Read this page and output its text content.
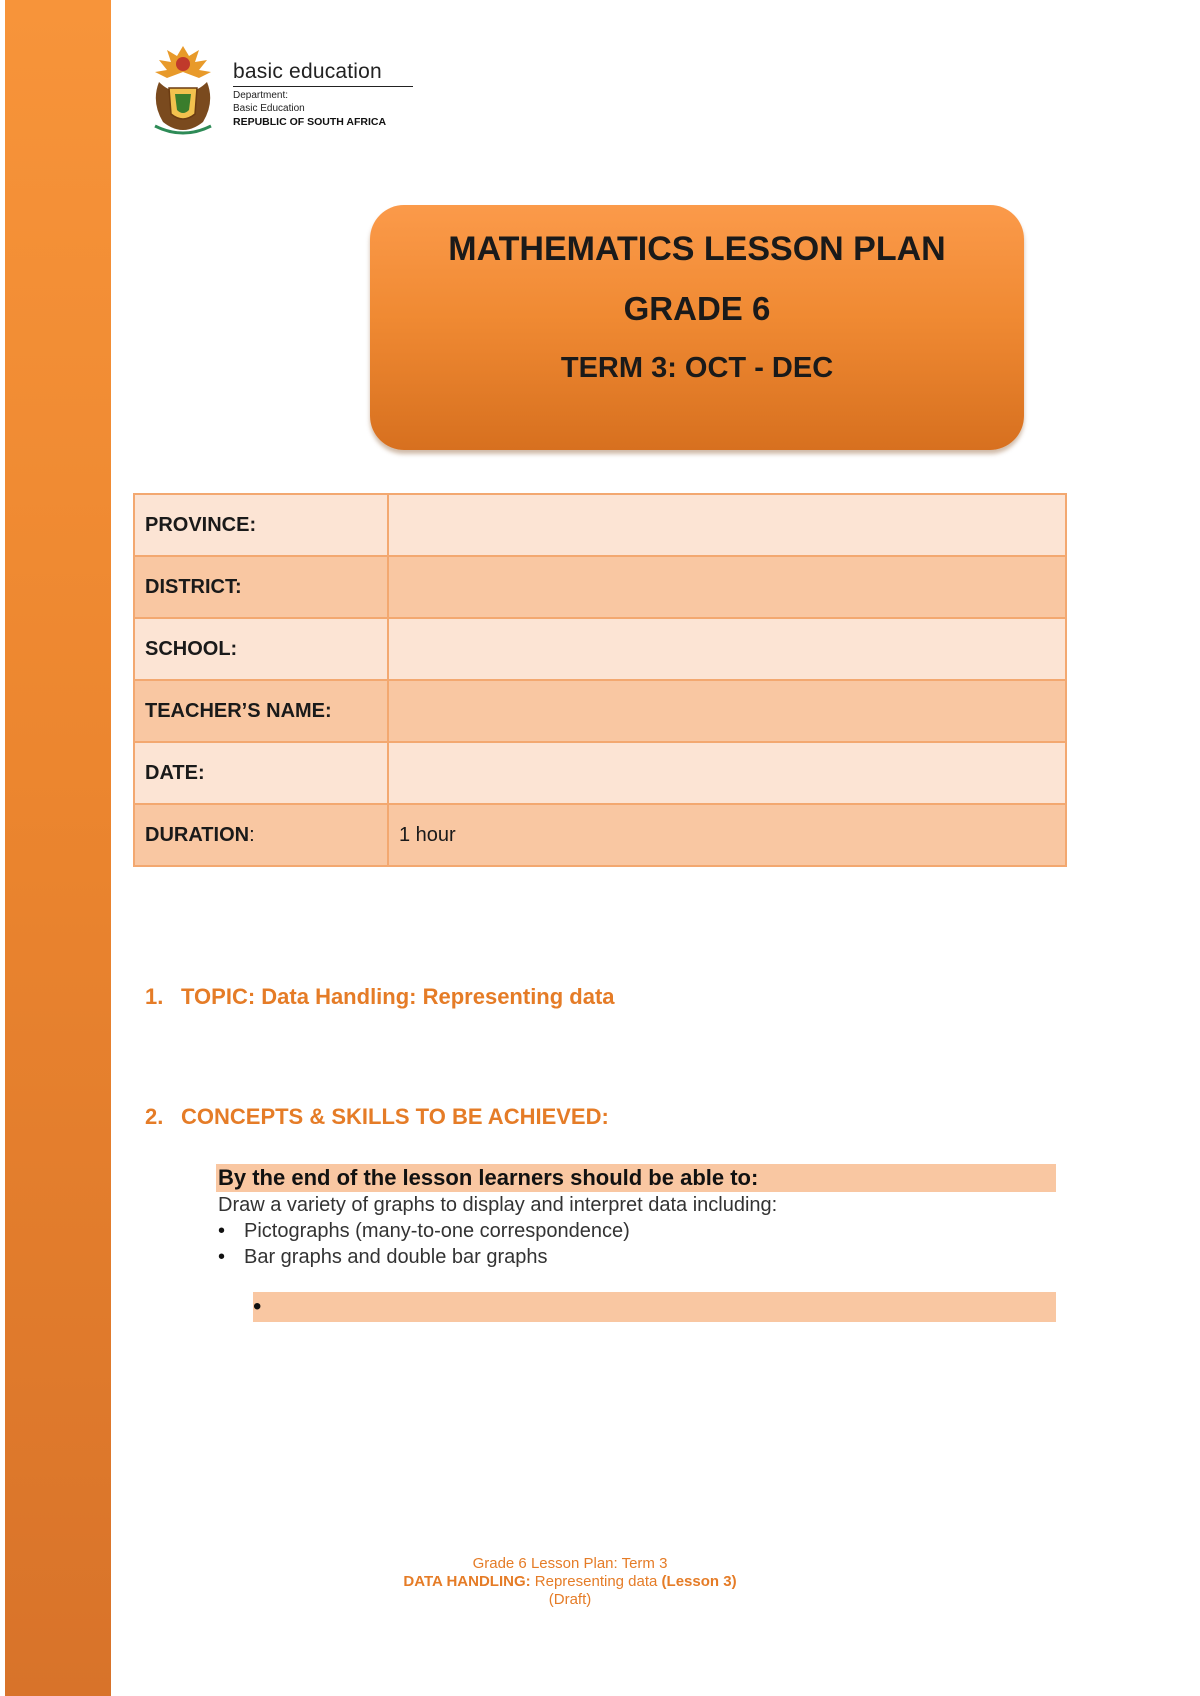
basic education
Department:
Basic Education
REPUBLIC OF SOUTH AFRICA
MATHEMATICS LESSON PLAN
GRADE 6
TERM 3: OCT - DEC
PROVINCE:	
DISTRICT:	
SCHOOL:	
TEACHER’S NAME:	
DATE:	
DURATION:	1 hour
1. TOPIC: Data Handling: Representing data
2. CONCEPTS & SKILLS TO BE ACHIEVED:
By the end of the lesson learners should be able to:
Draw a variety of graphs to display and interpret data including:
• Pictographs (many-to-one correspondence)
• Bar graphs and double bar graphs
•
Grade 6 Lesson Plan: Term 3
DATA HANDLING: Representing data (Lesson 3)
(Draft)
